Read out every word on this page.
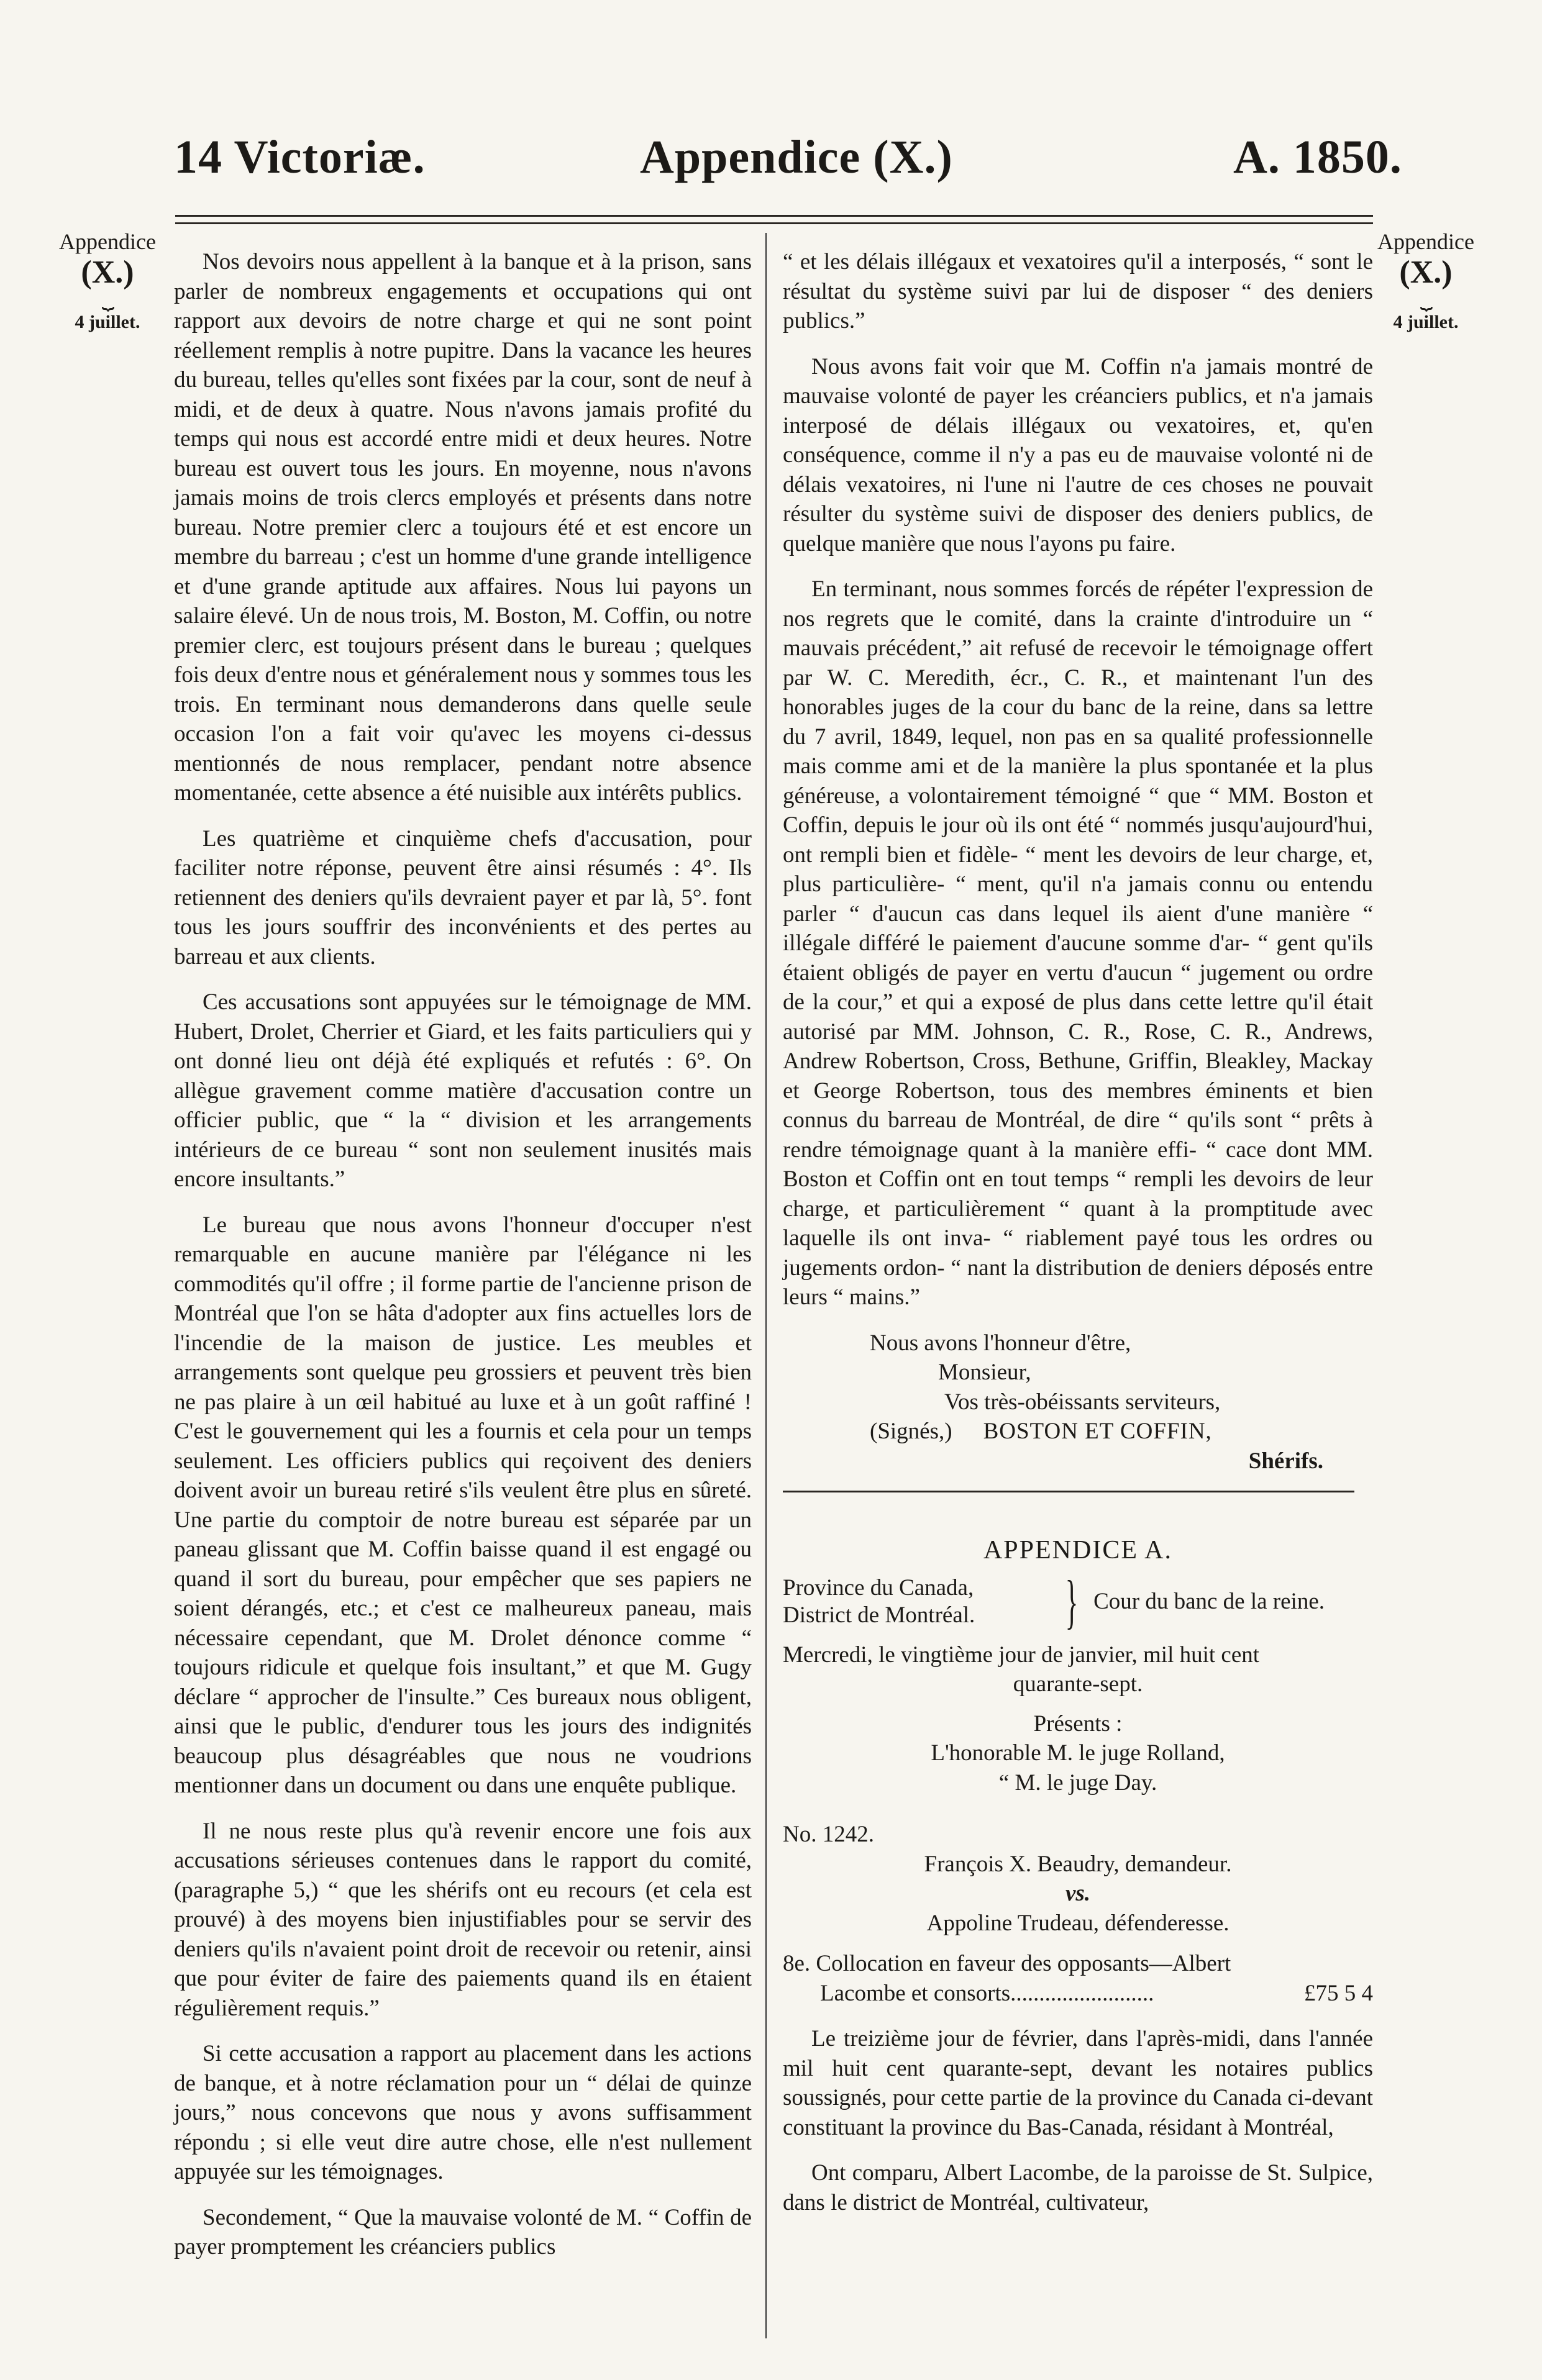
14 Victoriæ.	Appendice (X.)	A. 1850.
Appendice
(X.)
⏟
4 juillet.
Appendice
(X.)
⏟
4 juillet.

Nos devoirs nous appellent à la banque et à la prison, sans parler de nombreux engagements et occupations qui ont rapport aux devoirs de notre charge et qui ne sont point réellement remplis à notre pupitre. Dans la vacance les heures du bureau, telles qu'elles sont fixées par la cour, sont de neuf à midi, et de deux à quatre. Nous n'avons jamais profité du temps qui nous est accordé entre midi et deux heures. Notre bureau est ouvert tous les jours. En moyenne, nous n'avons jamais moins de trois clercs employés et présents dans notre bureau. Notre premier clerc a toujours été et est encore un membre du barreau ; c'est un homme d'une grande intelligence et d'une grande aptitude aux affaires. Nous lui payons un salaire élevé. Un de nous trois, M. Boston, M. Coffin, ou notre premier clerc, est toujours présent dans le bureau ; quelques fois deux d'entre nous et généralement nous y sommes tous les trois. En terminant nous demanderons dans quelle seule occasion l'on a fait voir qu'avec les moyens ci-dessus mentionnés de nous remplacer, pendant notre absence momentanée, cette absence a été nuisible aux intérêts publics.

Les quatrième et cinquième chefs d'accusation, pour faciliter notre réponse, peuvent être ainsi résumés : 4°. Ils retiennent des deniers qu'ils devraient payer et par là, 5°. font tous les jours souffrir des inconvénients et des pertes au barreau et aux clients.

Ces accusations sont appuyées sur le témoignage de MM. Hubert, Drolet, Cherrier et Giard, et les faits particuliers qui y ont donné lieu ont déjà été expliqués et refutés : 6°. On allègue gravement comme matière d'accusation contre un officier public, que “ la “ division et les arrangements intérieurs de ce bureau “ sont non seulement inusités mais encore insultants.”

Le bureau que nous avons l'honneur d'occuper n'est remarquable en aucune manière par l'élégance ni les commodités qu'il offre ; il forme partie de l'ancienne prison de Montréal que l'on se hâta d'adopter aux fins actuelles lors de l'incendie de la maison de justice. Les meubles et arrangements sont quelque peu grossiers et peuvent très bien ne pas plaire à un œil habitué au luxe et à un goût raffiné ! C'est le gouvernement qui les a fournis et cela pour un temps seulement. Les officiers publics qui reçoivent des deniers doivent avoir un bureau retiré s'ils veulent être plus en sûreté. Une partie du comptoir de notre bureau est séparée par un paneau glissant que M. Coffin baisse quand il est engagé ou quand il sort du bureau, pour empêcher que ses papiers ne soient dérangés, etc.; et c'est ce malheureux paneau, mais nécessaire cependant, que M. Drolet dénonce comme “ toujours ridicule et quelque fois insultant,” et que M. Gugy déclare “ approcher de l'insulte.” Ces bureaux nous obligent, ainsi que le public, d'endurer tous les jours des indignités beaucoup plus désagréables que nous ne voudrions mentionner dans un document ou dans une enquête publique.

Il ne nous reste plus qu'à revenir encore une fois aux accusations sérieuses contenues dans le rapport du comité, (paragraphe 5,) “ que les shérifs ont eu recours (et cela est prouvé) à des moyens bien injustifiables pour se servir des deniers qu'ils n'avaient point droit de recevoir ou retenir, ainsi que pour éviter de faire des paiements quand ils en étaient régulièrement requis.”

Si cette accusation a rapport au placement dans les actions de banque, et à notre réclamation pour un “ délai de quinze jours,” nous concevons que nous y avons suffisamment répondu ; si elle veut dire autre chose, elle n'est nullement appuyée sur les témoignages.

Secondement, “ Que la mauvaise volonté de M. “ Coffin de payer promptement les créanciers publics

“ et les délais illégaux et vexatoires qu'il a interposés, “ sont le résultat du système suivi par lui de disposer “ des deniers publics.”

Nous avons fait voir que M. Coffin n'a jamais montré de mauvaise volonté de payer les créanciers publics, et n'a jamais interposé de délais illégaux ou vexatoires, et, qu'en conséquence, comme il n'y a pas eu de mauvaise volonté ni de délais vexatoires, ni l'une ni l'autre de ces choses ne pouvait résulter du système suivi de disposer des deniers publics, de quelque manière que nous l'ayons pu faire.

En terminant, nous sommes forcés de répéter l'expression de nos regrets que le comité, dans la crainte d'introduire un “ mauvais précédent,” ait refusé de recevoir le témoignage offert par W. C. Meredith, écr., C. R., et maintenant l'un des honorables juges de la cour du banc de la reine, dans sa lettre du 7 avril, 1849, lequel, non pas en sa qualité professionnelle mais comme ami et de la manière la plus spontanée et la plus généreuse, a volontairement témoigné “ que “ MM. Boston et Coffin, depuis le jour où ils ont été “ nommés jusqu'aujourd'hui, ont rempli bien et fidèle- “ ment les devoirs de leur charge, et, plus particulière- “ ment, qu'il n'a jamais connu ou entendu parler “ d'aucun cas dans lequel ils aient d'une manière “ illégale différé le paiement d'aucune somme d'ar- “ gent qu'ils étaient obligés de payer en vertu d'aucun “ jugement ou ordre de la cour,” et qui a exposé de plus dans cette lettre qu'il était autorisé par MM. Johnson, C. R., Rose, C. R., Andrews, Andrew Robertson, Cross, Bethune, Griffin, Bleakley, Mackay et George Robertson, tous des membres éminents et bien connus du barreau de Montréal, de dire “ qu'ils sont “ prêts à rendre témoignage quant à la manière effi- “ cace dont MM. Boston et Coffin ont en tout temps “ rempli les devoirs de leur charge, et particulièrement “ quant à la promptitude avec laquelle ils ont inva- “ riablement payé tous les ordres ou jugements ordon- “ nant la distribution de deniers déposés entre leurs “ mains.”

Nous avons l'honneur d'être,
Monsieur,
Vos très-obéissants serviteurs,
(Signés,) BOSTON ET COFFIN,
Shérifs.
APPENDICE A.
Province du Canada,
District de Montréal.	} Cour du banc de la reine.
Mercredi, le vingtième jour de janvier, mil huit cent
quarante-sept.
Présents :
L'honorable M. le juge Rolland,
“ M. le juge Day.
No. 1242.
François X. Beaudry, demandeur.
vs.
Appoline Trudeau, défenderesse.
8e. Collocation en faveur des opposants—Albert
Lacombe et consorts.........................	£75 5 4

Le treizième jour de février, dans l'après-midi, dans l'année mil huit cent quarante-sept, devant les notaires publics soussignés, pour cette partie de la province du Canada ci-devant constituant la province du Bas-Canada, résidant à Montréal,

Ont comparu, Albert Lacombe, de la paroisse de St. Sulpice, dans le district de Montréal, cultivateur,
